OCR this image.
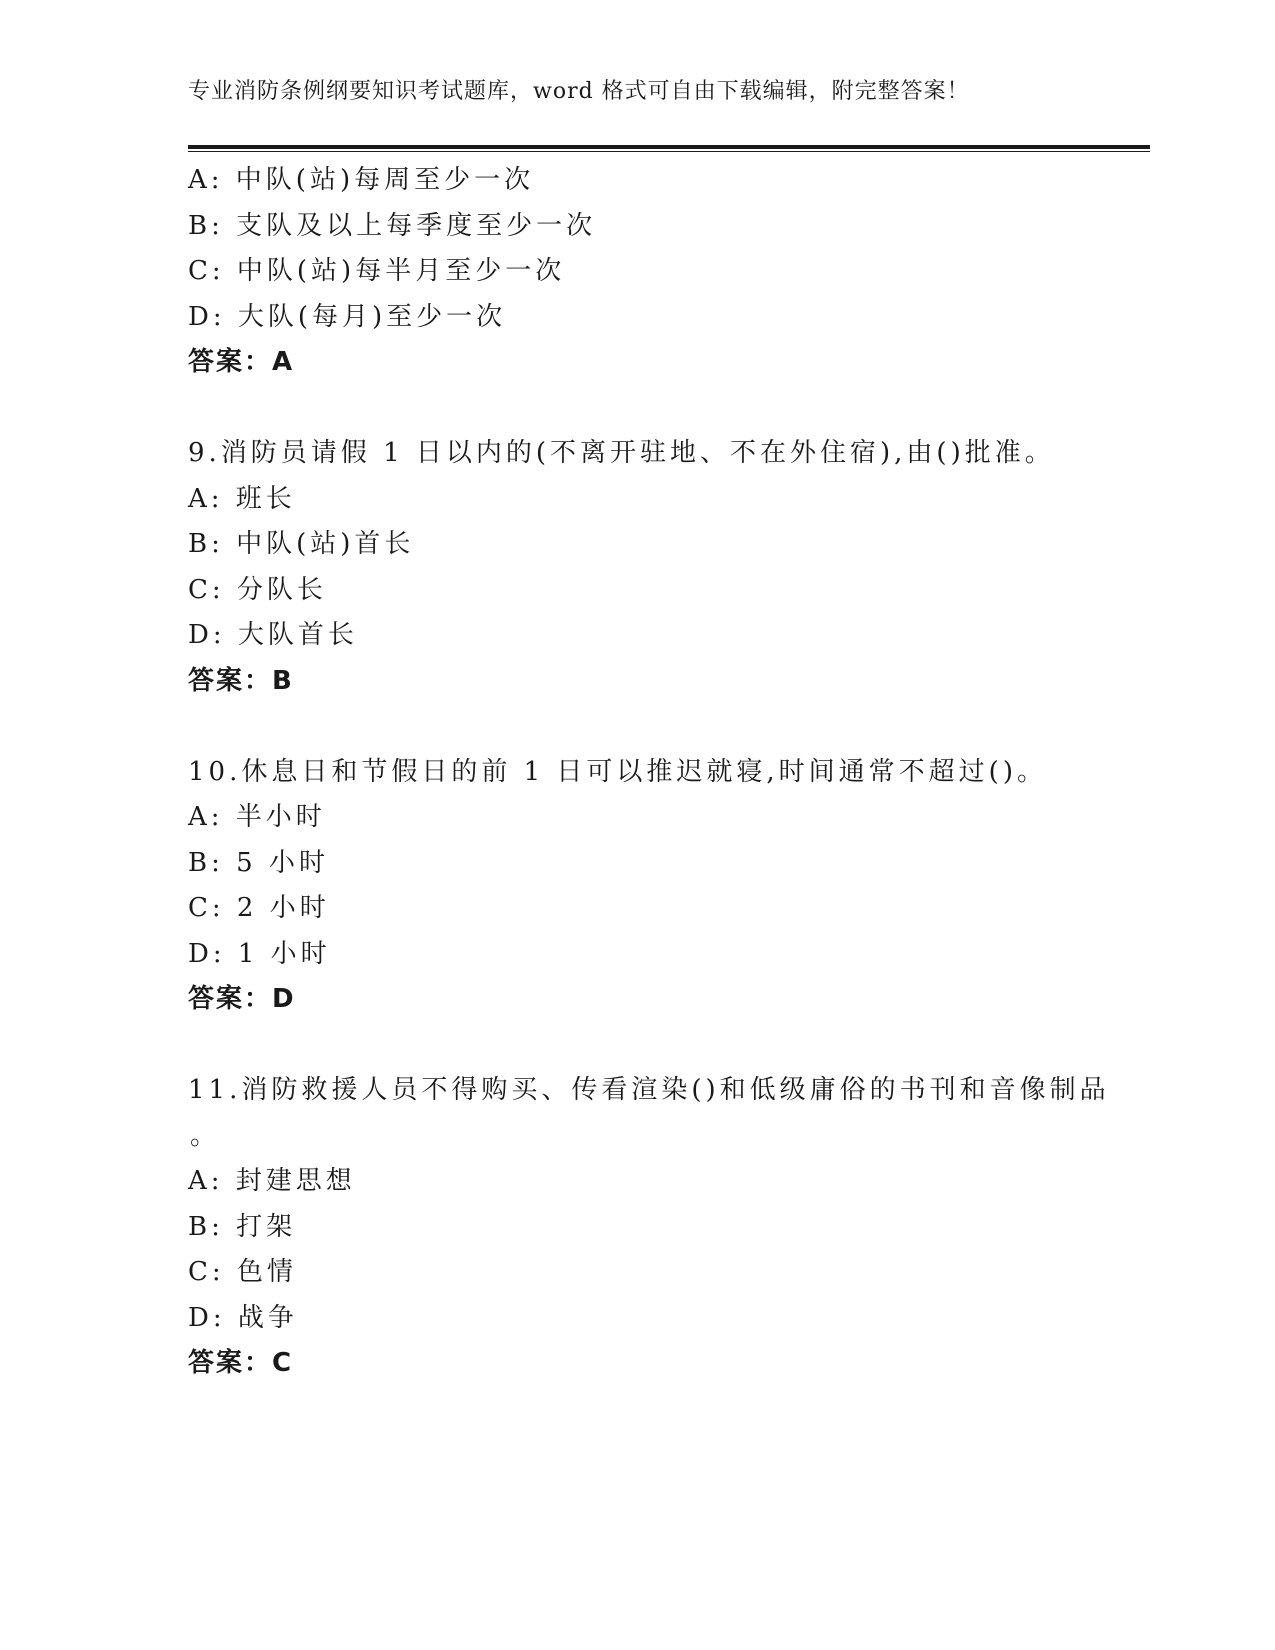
专业消防条例纲要知识考试题库，word 格式可自由下载编辑，附完整答案！
A: 中队(站)每周至少一次
B: 支队及以上每季度至少一次
C: 中队(站)每半月至少一次
D: 大队(每月)至少一次
答案：A
9.消防员请假 1 日以内的(不离开驻地、不在外住宿),由()批准。
A: 班长
B: 中队(站)首长
C: 分队长
D: 大队首长
答案：B
10.休息日和节假日的前 1 日可以推迟就寝,时间通常不超过()。
A: 半小时
B: 5 小时
C: 2 小时
D: 1 小时
答案：D
11.消防救援人员不得购买、传看渲染()和低级庸俗的书刊和音像制品
。
A: 封建思想
B: 打架
C: 色情
D: 战争
答案：C
